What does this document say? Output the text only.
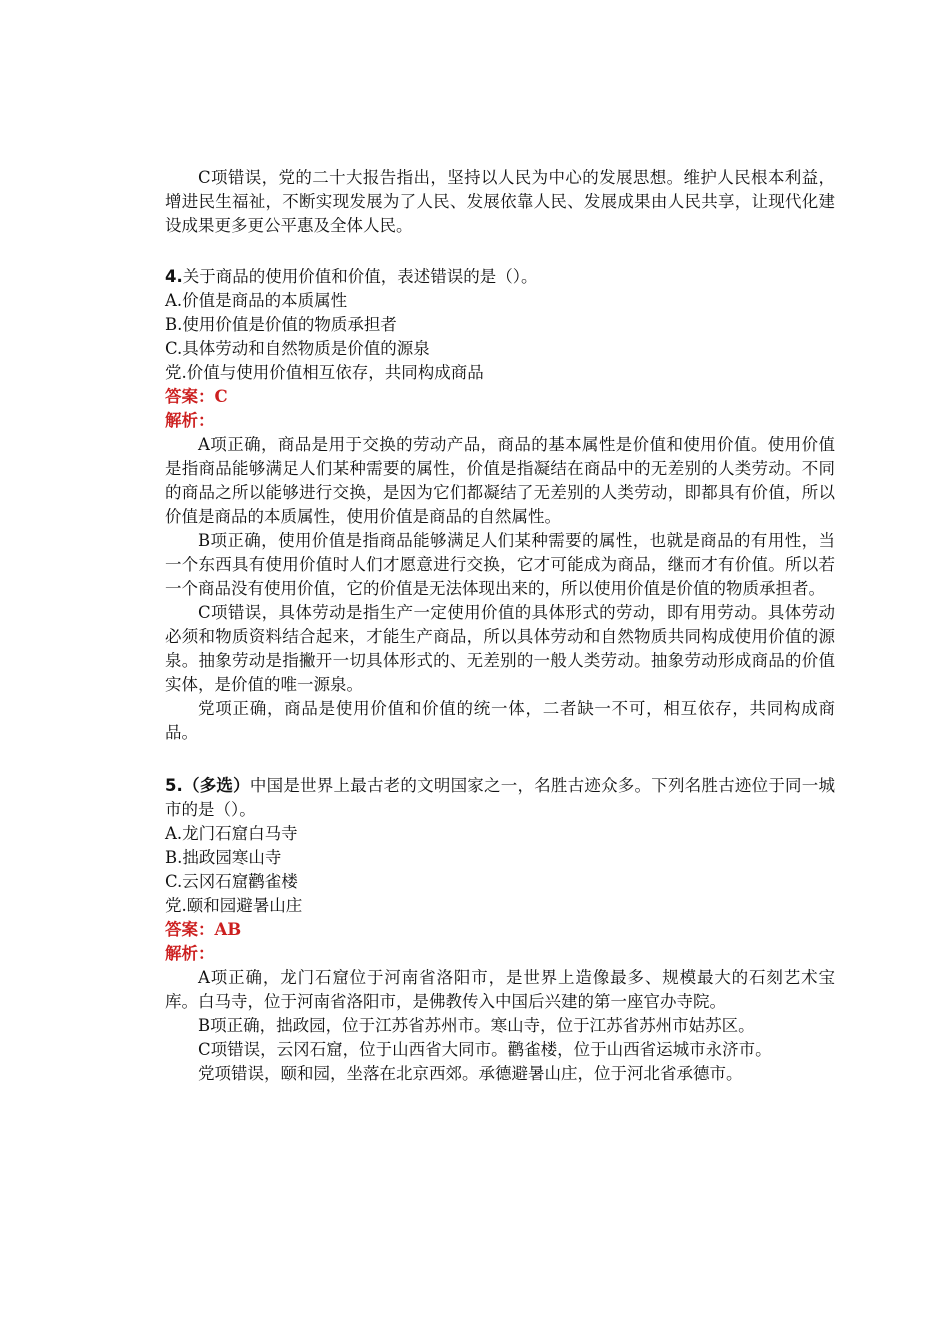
C项错误，党的二十大报告指出，坚持以人民为中心的发展思想。维护人民根本利益，增进民生福祉，不断实现发展为了人民、发展依靠人民、发展成果由人民共享，让现代化建设成果更多更公平惠及全体人民。

4.关于商品的使用价值和价值，表述错误的是（）。

A.价值是商品的本质属性

B.使用价值是价值的物质承担者

C.具体劳动和自然物质是价值的源泉

党.价值与使用价值相互依存，共同构成商品

答案：C

解析：

A项正确，商品是用于交换的劳动产品，商品的基本属性是价值和使用价值。使用价值是指商品能够满足人们某种需要的属性，价值是指凝结在商品中的无差别的人类劳动。不同的商品之所以能够进行交换，是因为它们都凝结了无差别的人类劳动，即都具有价值，所以价值是商品的本质属性，使用价值是商品的自然属性。

B项正确，使用价值是指商品能够满足人们某种需要的属性，也就是商品的有用性，当一个东西具有使用价值时人们才愿意进行交换，它才可能成为商品，继而才有价值。所以若一个商品没有使用价值，它的价值是无法体现出来的，所以使用价值是价值的物质承担者。

C项错误，具体劳动是指生产一定使用价值的具体形式的劳动，即有用劳动。具体劳动必须和物质资料结合起来，才能生产商品，所以具体劳动和自然物质共同构成使用价值的源泉。抽象劳动是指撇开一切具体形式的、无差别的一般人类劳动。抽象劳动形成商品的价值实体，是价值的唯一源泉。

党项正确，商品是使用价值和价值的统一体，二者缺一不可，相互依存，共同构成商品。

5.（多选）中国是世界上最古老的文明国家之一，名胜古迹众多。下列名胜古迹位于同一城市的是（）。

A.龙门石窟白马寺

B.拙政园寒山寺

C.云冈石窟鹳雀楼

党.颐和园避暑山庄

答案：AB

解析：

A项正确，龙门石窟位于河南省洛阳市，是世界上造像最多、规模最大的石刻艺术宝库。白马寺，位于河南省洛阳市，是佛教传入中国后兴建的第一座官办寺院。

B项正确，拙政园，位于江苏省苏州市。寒山寺，位于江苏省苏州市姑苏区。

C项错误，云冈石窟，位于山西省大同市。鹳雀楼，位于山西省运城市永济市。

党项错误，颐和园，坐落在北京西郊。承德避暑山庄，位于河北省承德市。
